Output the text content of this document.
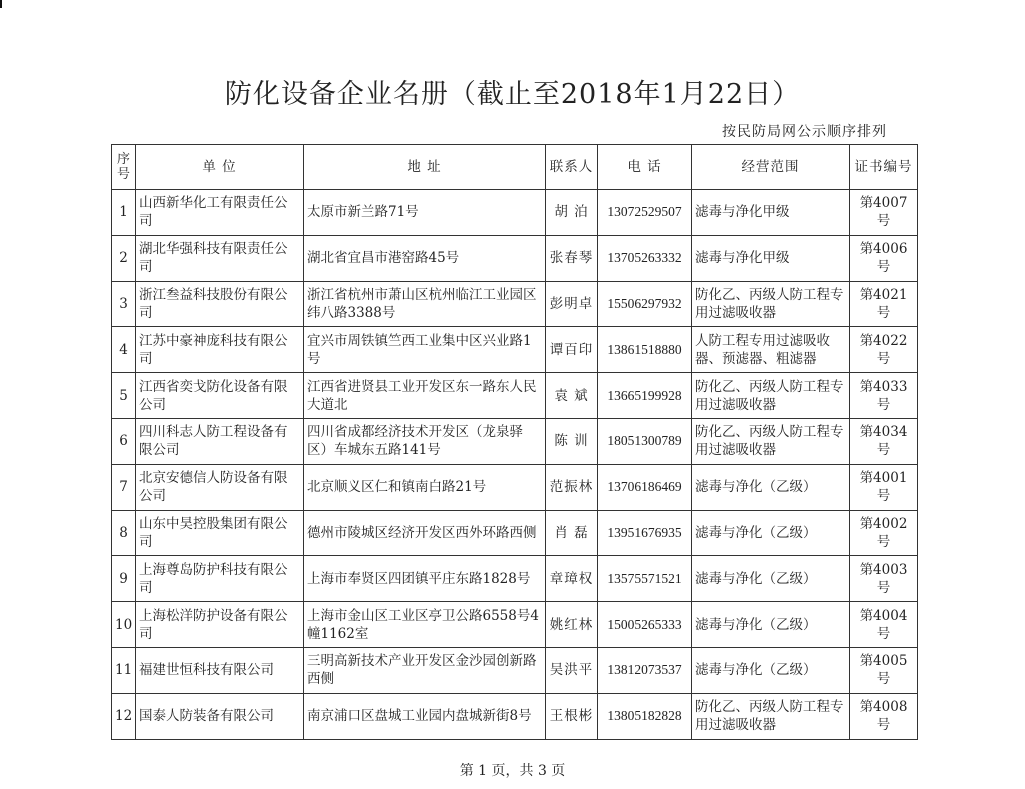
防化设备企业名册（截止至2018年1月22日）
按民防局网公示顺序排列
序号	单 位	地 址	联系人	电 话	经营范围	证书编号
1	山西新华化工有限责任公司	太原市新兰路71号	胡 泊	13072529507	滤毒与净化甲级	第4007号
2	湖北华强科技有限责任公司	湖北省宜昌市港窑路45号	张春琴	13705263332	滤毒与净化甲级	第4006号
3	浙江叁益科技股份有限公司	浙江省杭州市萧山区杭州临江工业园区纬八路3388号	彭明卓	15506297932	防化乙、丙级人防工程专用过滤吸收器	第4021号
4	江苏中豪神庞科技有限公司	宜兴市周铁镇竺西工业集中区兴业路1号	谭百印	13861518880	人防工程专用过滤吸收器、预滤器、粗滤器	第4022号
5	江西省奕戈防化设备有限公司	江西省进贤县工业开发区东一路东人民大道北	袁 斌	13665199928	防化乙、丙级人防工程专用过滤吸收器	第4033号
6	四川科志人防工程设备有限公司	四川省成都经济技术开发区（龙泉驿区）车城东五路141号	陈 训	18051300789	防化乙、丙级人防工程专用过滤吸收器	第4034号
7	北京安德信人防设备有限公司	北京顺义区仁和镇南白路21号	范振林	13706186469	滤毒与净化（乙级）	第4001号
8	山东中昊控股集团有限公司	德州市陵城区经济开发区西外环路西侧	肖 磊	13951676935	滤毒与净化（乙级）	第4002号
9	上海尊岛防护科技有限公司	上海市奉贤区四团镇平庄东路1828号	章璋权	13575571521	滤毒与净化（乙级）	第4003号
10	上海松洋防护设备有限公司	上海市金山区工业区亭卫公路6558号4幢1162室	姚红林	15005265333	滤毒与净化（乙级）	第4004号
11	福建世恒科技有限公司	三明高新技术产业开发区金沙园创新路西侧	吴洪平	13812073537	滤毒与净化（乙级）	第4005号
12	国泰人防装备有限公司	南京浦口区盘城工业园内盘城新街8号	王根彬	13805182828	防化乙、丙级人防工程专用过滤吸收器	第4008号
第 1 页，共 3 页
